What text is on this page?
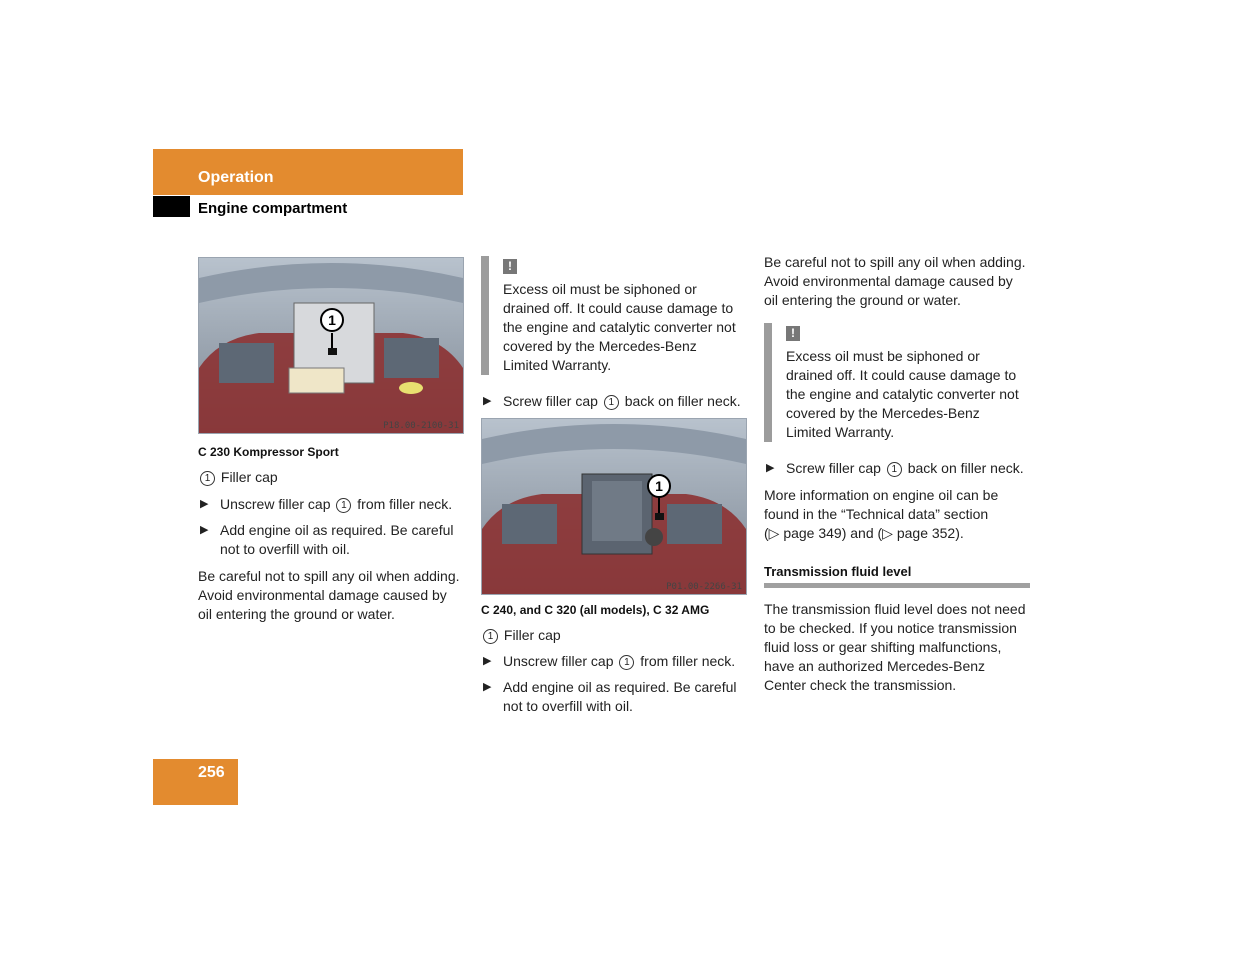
Operation
Engine compartment
1
P18.00-2100-31
C 230 Kompressor Sport

1 Filler cap

▶ Unscrew filler cap 1 from filler neck.

▶ Add engine oil as required. Be careful not to overfill with oil.

Be careful not to spill any oil when adding. Avoid environmental damage caused by oil entering the ground or water.

!
Excess oil must be siphoned or drained off. It could cause damage to the engine and catalytic converter not covered by the Mercedes-Benz Limited Warranty.

▶ Screw filler cap 1 back on filler neck.

1
P01.00-2266-31
C 240, and C 320 (all models), C 32 AMG

1 Filler cap

▶ Unscrew filler cap 1 from filler neck.

▶ Add engine oil as required. Be careful not to overfill with oil.

Be careful not to spill any oil when adding. Avoid environmental damage caused by oil entering the ground or water.

!
Excess oil must be siphoned or drained off. It could cause damage to the engine and catalytic converter not covered by the Mercedes-Benz Limited Warranty.

▶ Screw filler cap 1 back on filler neck.

More information on engine oil can be found in the “Technical data” section

(▷ page 349) and (▷ page 352).

Transmission fluid level

The transmission fluid level does not need to be checked. If you notice transmission fluid loss or gear shifting malfunctions, have an authorized Mercedes-Benz Center check the transmission.

256
